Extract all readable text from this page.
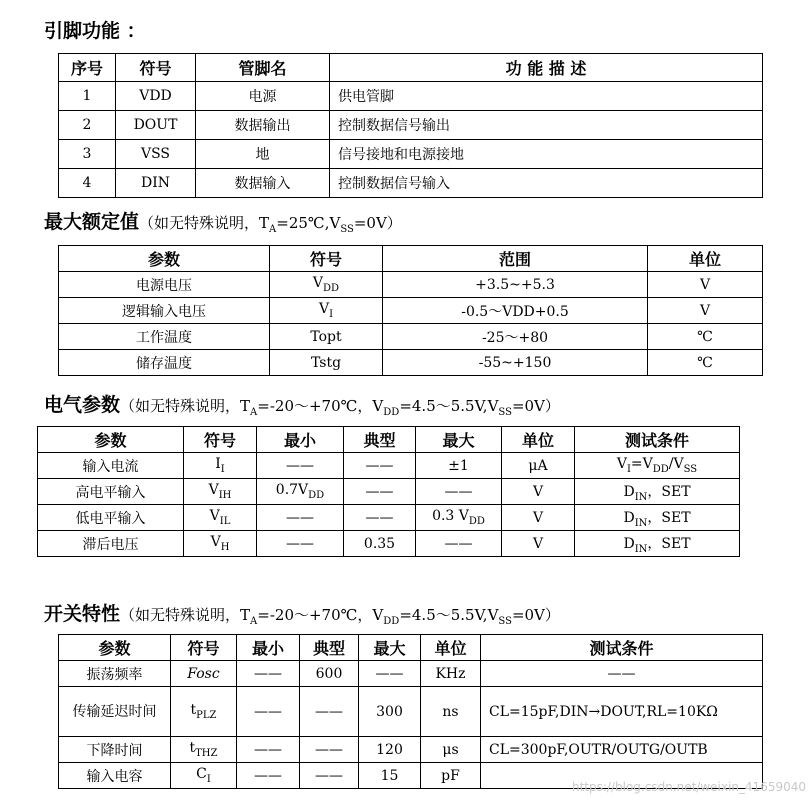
引脚功能 ：
序号	符号	管脚名	功 能 描 述
1	VDD	电源	供电管脚
2	DOUT	数据输出	控制数据信号输出
3	VSS	地	信号接地和电源接地
4	DIN	数据输入	控制数据信号输入
最大额定值（如无特殊说明，$T_A=25℃,V_{SS}=0V$）
参数	符号	范围	单位
电源电压	$V_{DD}$	+3.5~+5.3	V
逻辑输入电压	$V_I$	-0.5～VDD+0.5	V
工作温度	Topt	-25～+80	℃
储存温度	Tstg	-55~+150	℃
电气参数（如无特殊说明，$T_A=-20\sim+70℃$，$V_{DD}=4.5\sim 5.5V,V_{SS}=0V$）
参数	符号	最小	典型	最大	单位	测试条件
输入电流	$I_I$	——	——	±1	μA	$V_I=V_{DD}/V_{SS}$
高电平输入	$V_{IH}$	$0.7V_{DD}$	——	——	V	$D_{IN}$，SET
低电平输入	$V_{IL}$	——	——	0.3 $V_{DD}$	V	$D_{IN}$，SET
滞后电压	$V_H$	——	0.35	——	V	$D_{IN}$，SET
开关特性（如无特殊说明，$T_A=-20\sim+70℃$，$V_{DD}=4.5\sim 5.5V,V_{SS}=0V$）
参数	符号	最小	典型	最大	单位	测试条件
振荡频率	Fosc	——	600	——	KHz	——
传输延迟时间	$t_{PLZ}$	——	——	300	ns	CL=15pF,DIN→DOUT,RL=10KΩ
下降时间	$t_{THZ}$	——	——	120	μs	CL=300pF,OUTR/OUTG/OUTB
输入电容	$C_I$	——	——	15	pF	
https://blog.csdn.net/weixin_41659040
